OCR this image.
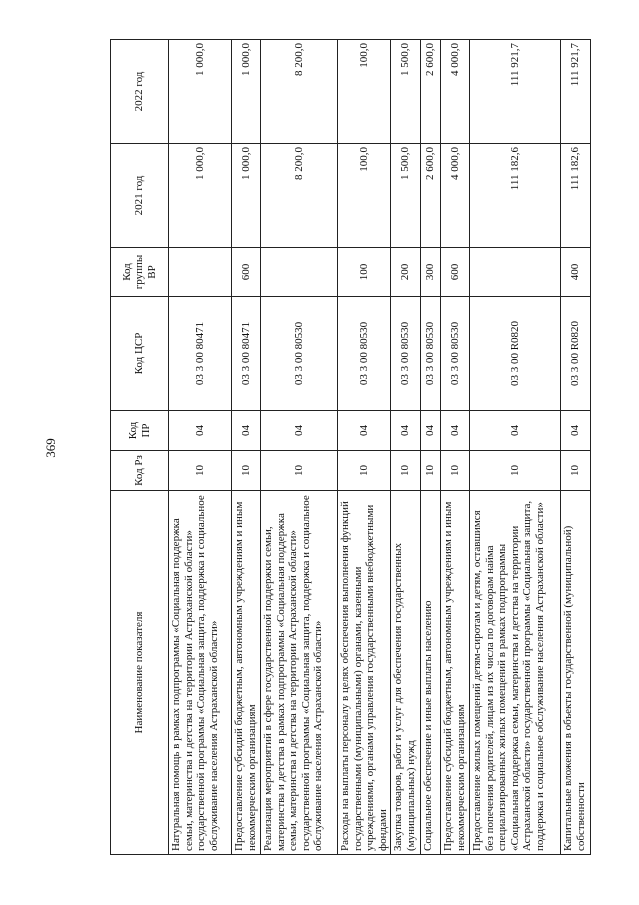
369
Наименование показателя	Код Рз	Код ПР	Код ЦСР	Код группы ВР	2021 год	2022 год
Натуральная помощь в рамках подпрограммы «Социальная поддержка семьи, материнства и детства на территории Астраханской области» государственной программы «Социальная защита, поддержка и социальное обслуживание населения Астраханской области»	10	04	03 3 00 80471		1 000,0	1 000,0
Предоставление субсидий бюджетным, автономным учреждениям и иным некоммерческим организациям	10	04	03 3 00 80471	600	1 000,0	1 000,0
Реализация мероприятий в сфере государственной поддержки семьи, материнства и детства в рамках подпрограммы «Социальная поддержка семьи, материнства и детства на территории Астраханской области» государственной программы «Социальная защита, поддержка и социальное обслуживание населения Астраханской области»	10	04	03 3 00 80530		8 200,0	8 200,0
Расходы на выплаты персоналу в целях обеспечения выполнения функций государственными (муниципальными) органами, казенными учреждениями, органами управления государственными внебюджетными фондами	10	04	03 3 00 80530	100	100,0	100,0
Закупка товаров, работ и услуг для обеспечения государственных (муниципальных) нужд	10	04	03 3 00 80530	200	1 500,0	1 500,0
Социальное обеспечение и иные выплаты населению	10	04	03 3 00 80530	300	2 600,0	2 600,0
Предоставление субсидий бюджетным, автономным учреждениям и иным некоммерческим организациям	10	04	03 3 00 80530	600	4 000,0	4 000,0
Предоставление жилых помещений детям-сиротам и детям, оставшимся без попечения родителей, лицам из их числа по договорам найма специализированных жилых помещений в рамках подпрограммы «Социальная поддержка семьи, материнства и детства на территории Астраханской области» государственной программы «Социальная защита, поддержка и социальное обслуживание населения Астраханской области»	10	04	03 3 00 R0820		111 182,6	111 921,7
Капитальные вложения в объекты государственной (муниципальной) собственности	10	04	03 3 00 R0820	400	111 182,6	111 921,7
